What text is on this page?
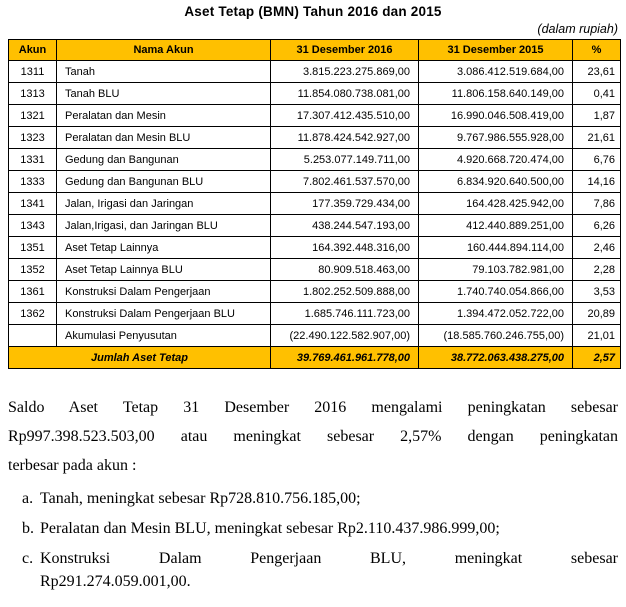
Aset Tetap (BMN) Tahun 2016 dan 2015
(dalam rupiah)
Akun	Nama Akun	31 Desember 2016	31 Desember 2015	%
1311	Tanah	3.815.223.275.869,00	3.086.412.519.684,00	23,61
1313	Tanah BLU	11.854.080.738.081,00	11.806.158.640.149,00	0,41
1321	Peralatan dan Mesin	17.307.412.435.510,00	16.990.046.508.419,00	1,87
1323	Peralatan dan Mesin BLU	11.878.424.542.927,00	9.767.986.555.928,00	21,61
1331	Gedung dan Bangunan	5.253.077.149.711,00	4.920.668.720.474,00	6,76
1333	Gedung dan Bangunan BLU	7.802.461.537.570,00	6.834.920.640.500,00	14,16
1341	Jalan, Irigasi dan Jaringan	177.359.729.434,00	164.428.425.942,00	7,86
1343	Jalan,Irigasi, dan Jaringan BLU	438.244.547.193,00	412.440.889.251,00	6,26
1351	Aset Tetap Lainnya	164.392.448.316,00	160.444.894.114,00	2,46
1352	Aset Tetap Lainnya BLU	80.909.518.463,00	79.103.782.981,00	2,28
1361	Konstruksi Dalam Pengerjaan	1.802.252.509.888,00	1.740.740.054.866,00	3,53
1362	Konstruksi Dalam Pengerjaan BLU	1.685.746.111.723,00	1.394.472.052.722,00	20,89
	Akumulasi Penyusutan	(22.490.122.582.907,00)	(18.585.760.246.755,00)	21,01
Jumlah Aset Tetap		39.769.461.961.778,00	38.772.063.438.275,00	2,57
Saldo Aset Tetap 31 Desember 2016 mengalami peningkatan sebesar
Rp997.398.523.503,00 atau meningkat sebesar 2,57% dengan peningkatan
terbesar pada akun :
a. Tanah, meningkat sebesar Rp728.810.756.185,00;
b. Peralatan dan Mesin BLU, meningkat sebesar Rp2.110.437.986.999,00;
c. Konstruksi Dalam Pengerjaan BLU, meningkat sebesar
Rp291.274.059.001,00.
